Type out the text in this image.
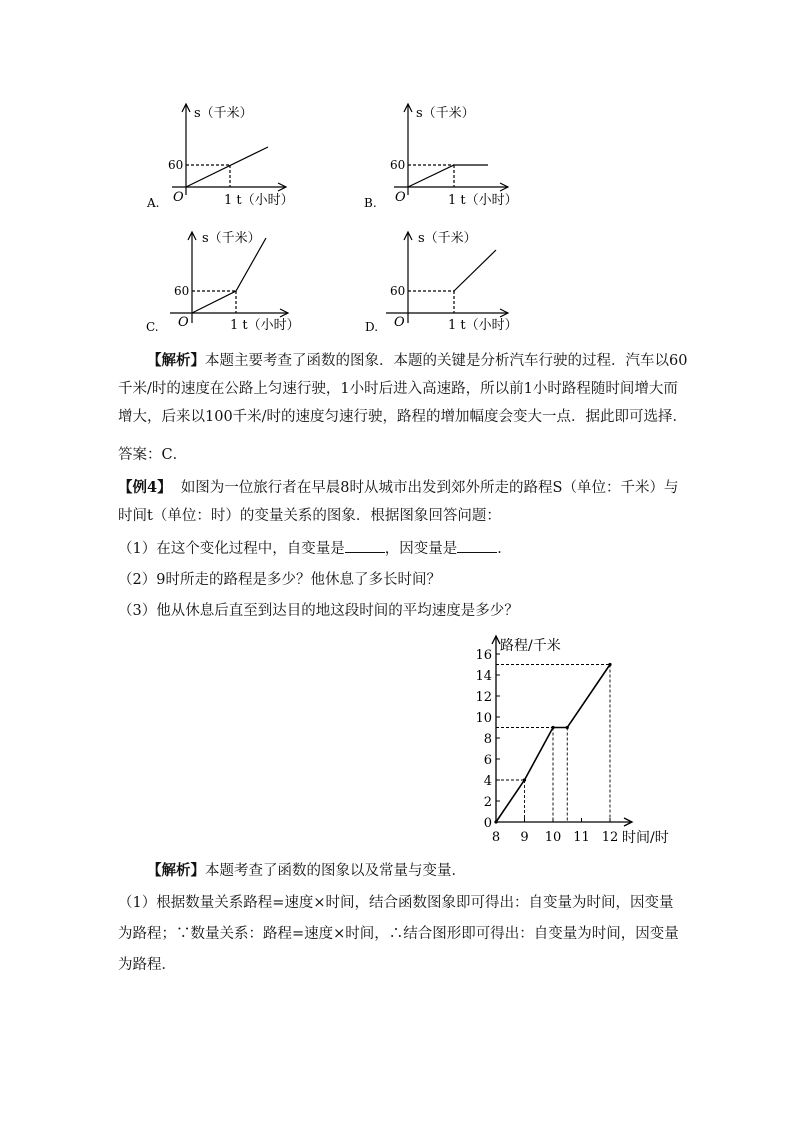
s（千米）
60
O	1 t（小时）
A.
s（千米）
60
O	1 t（小时）
B.
s（千米）
60
O	1 t（小时）
C.
s（千米）
60
O	1 t（小时）
D.
【解析】本题主要考查了函数的图象．本题的关键是分析汽车行驶的过程．汽车以60千米/时的速度在公路上匀速行驶，1小时后进入高速路，所以前1小时路程随时间增大而增大，后来以100千米/时的速度匀速行驶，路程的增加幅度会变大一点．据此即可选择．
答案：C．
【例4】 如图为一位旅行者在早晨8时从城市出发到郊外所走的路程S（单位：千米）与时间t（单位：时）的变量关系的图象．根据图象回答问题：
（1）在这个变化过程中，自变量是	，因变量是	．
（2）9时所走的路程是多少？他休息了多长时间？
（3）他从休息后直至到达目的地这段时间的平均速度是多少？
0
2
4
6
8
10
12
14
16
8 9 10 11 12
路程/千米
时间/时
【解析】本题考查了函数的图象以及常量与变量．
（1）根据数量关系路程=速度×时间，结合函数图象即可得出：自变量为时间，因变量为路程；∵数量关系：路程=速度×时间，∴结合图形即可得出：自变量为时间，因变量为路程．
